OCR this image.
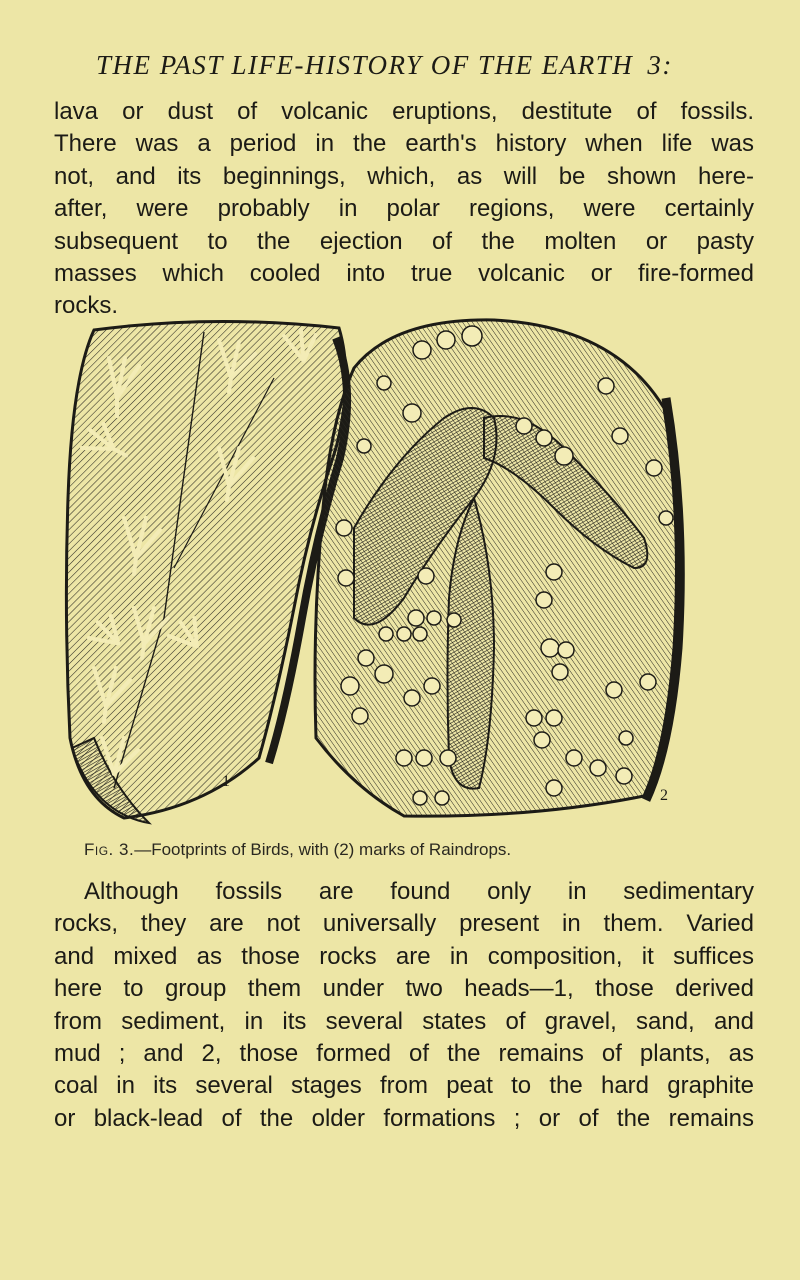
THE PAST LIFE-HISTORY OF THE EARTH 3:

lava or dust of volcanic eruptions, destitute of fossils.
There was a period in the earth's history when life was
not, and its beginnings, which, as will be shown here-
after, were probably in polar regions, were certainly
subsequent to the ejection of the molten or pasty
masses which cooled into true volcanic or fire-formed
rocks.

1
2
Fig. 3.—Footprints of Birds, with (2) marks of Raindrops.

Although fossils are found only in sedimentary
rocks, they are not universally present in them. Varied
and mixed as those rocks are in composition, it suffices
here to group them under two heads—1, those derived
from sediment, in its several states of gravel, sand, and
mud ; and 2, those formed of the remains of plants, as
coal in its several stages from peat to the hard graphite
or black-lead of the older formations ; or of the remains
